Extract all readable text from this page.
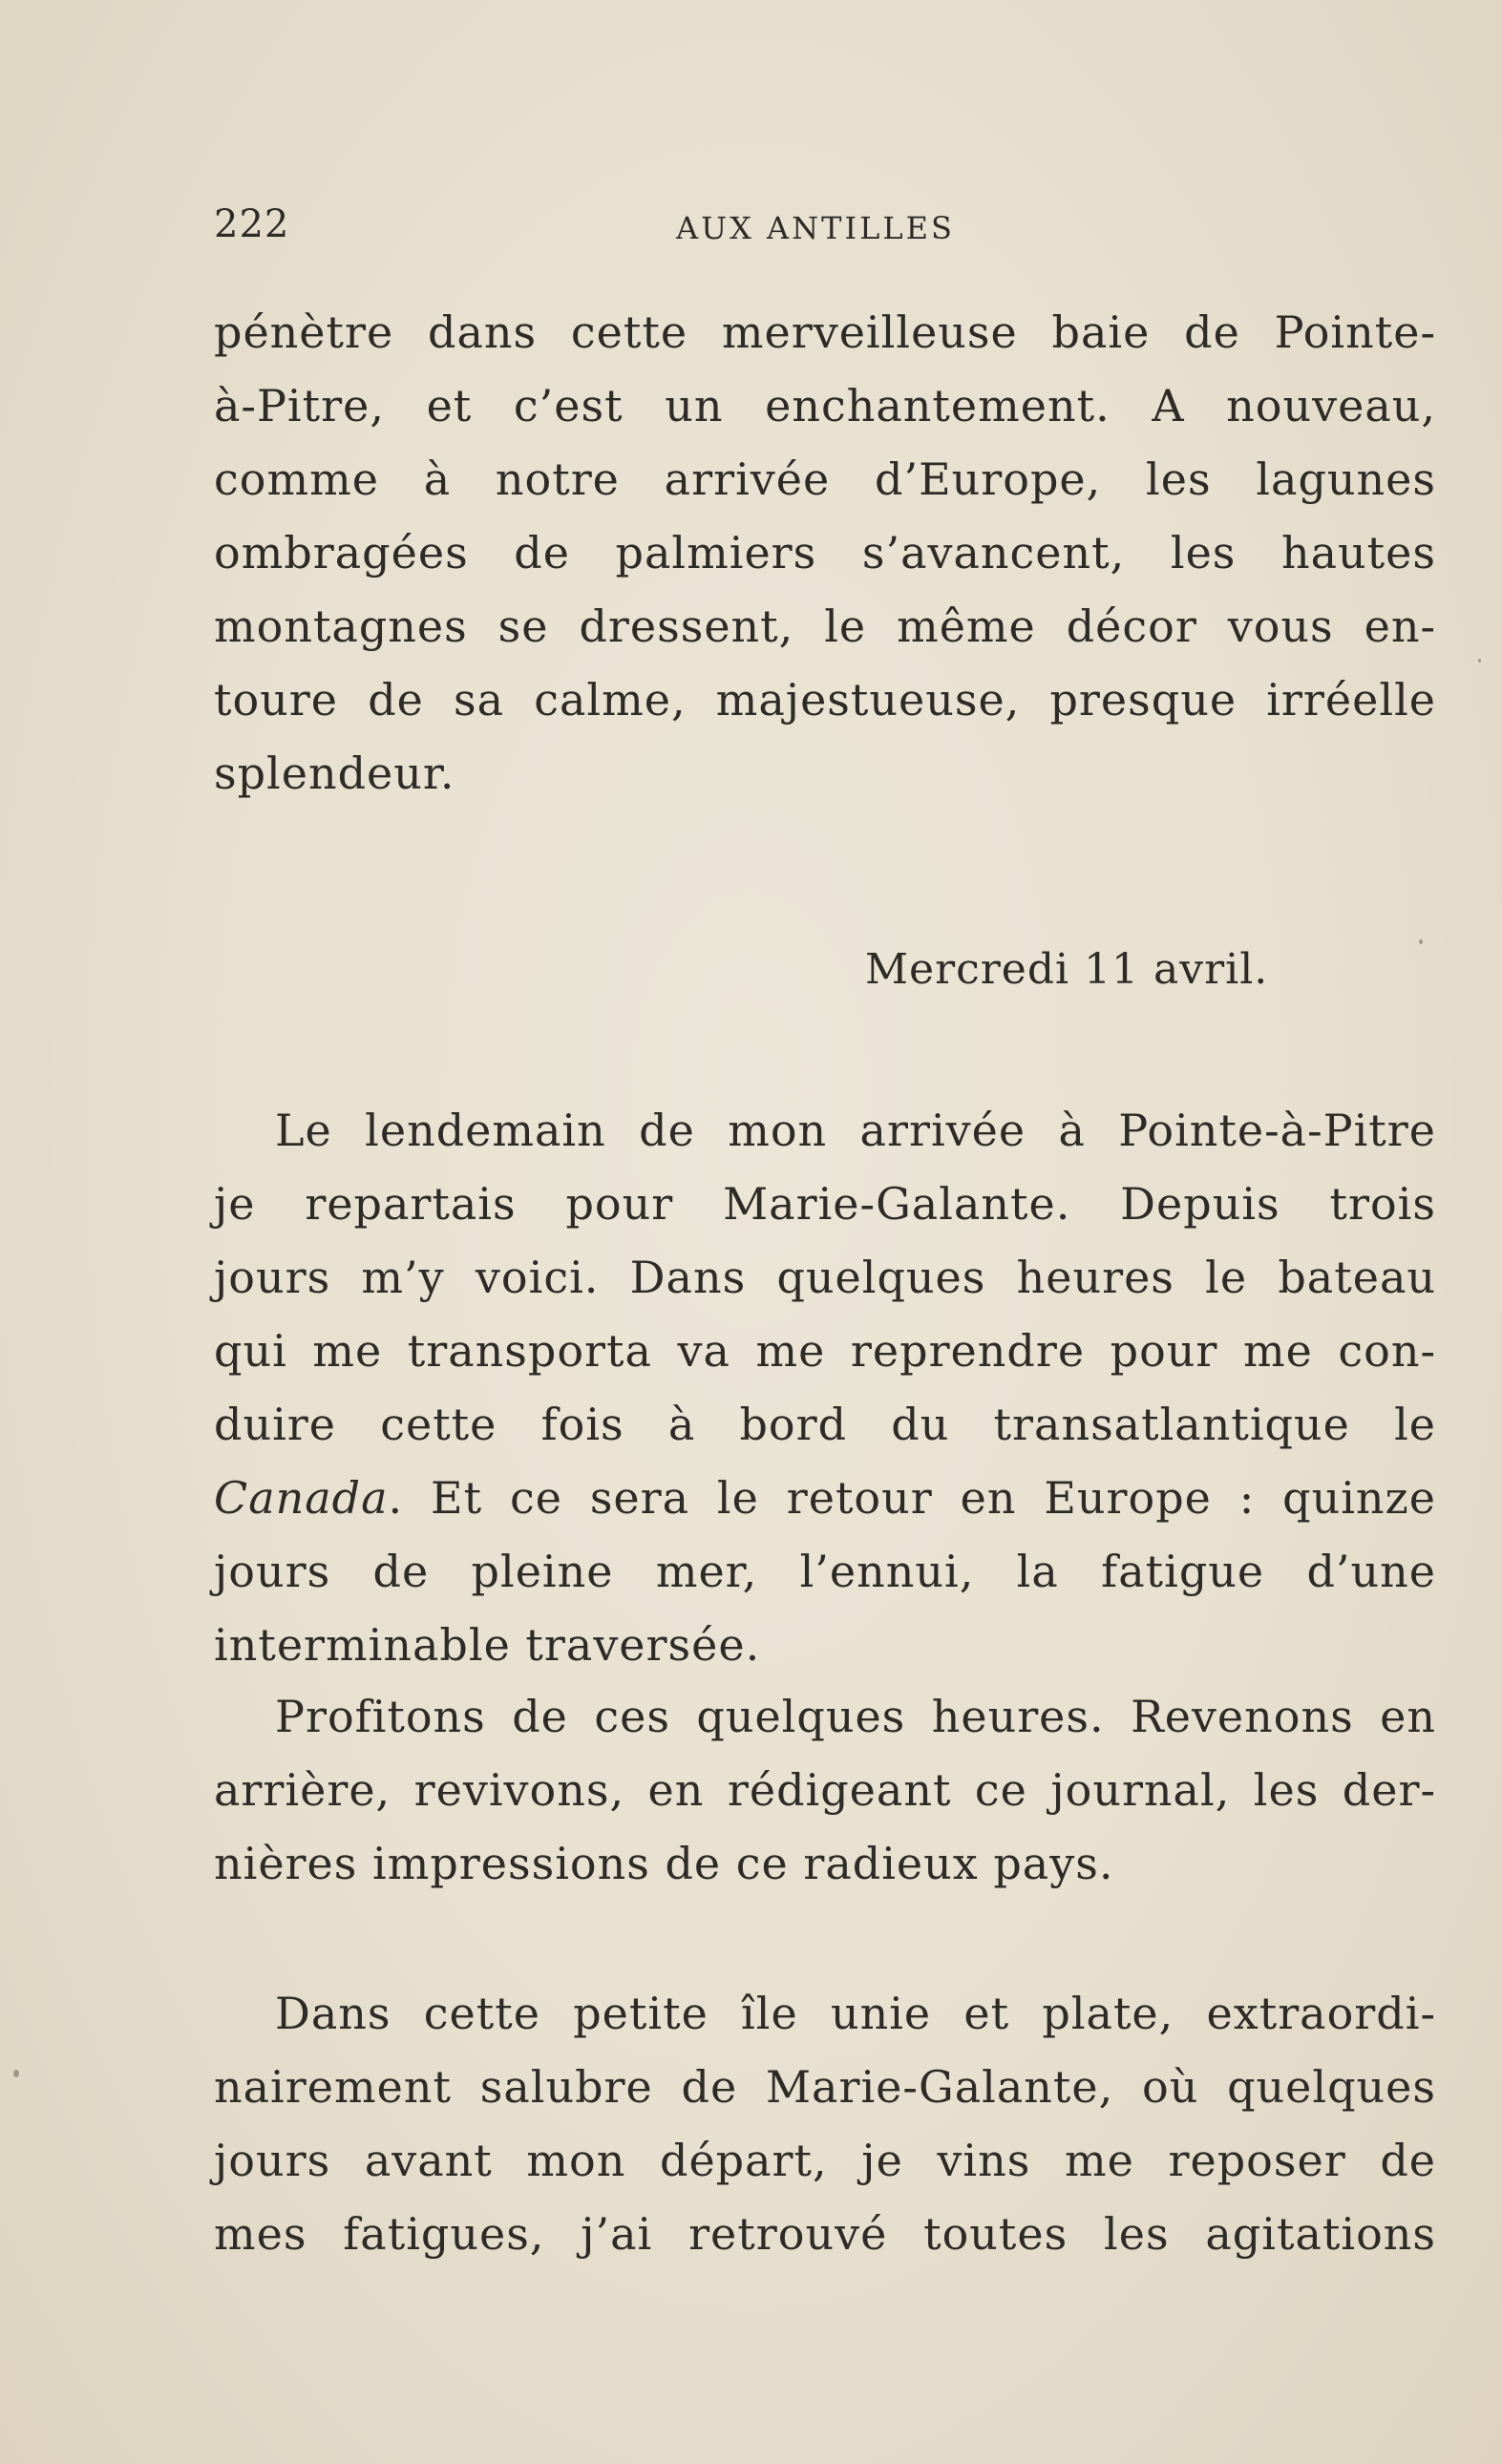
222	AUX ANTILLES
pénètre dans cette merveilleuse baie de Pointe-
à-Pitre, et c’est un enchantement. A nouveau,
comme à notre arrivée d’Europe, les lagunes
ombragées de palmiers s’avancent, les hautes
montagnes se dressent, le même décor vous en-
toure de sa calme, majestueuse, presque irréelle
splendeur.
Le lendemain de mon arrivée à Pointe-à-Pitre
je repartais pour Marie-Galante. Depuis trois
jours m’y voici. Dans quelques heures le bateau
qui me transporta va me reprendre pour me con-
duire cette fois à bord du transatlantique le
Canada. Et ce sera le retour en Europe : quinze
jours de pleine mer, l’ennui, la fatigue d’une
interminable traversée.
Profitons de ces quelques heures. Revenons en
arrière, revivons, en rédigeant ce journal, les der-
nières impressions de ce radieux pays.
Dans cette petite île unie et plate, extraordi-
nairement salubre de Marie-Galante, où quelques
jours avant mon départ, je vins me reposer de
mes fatigues, j’ai retrouvé toutes les agitations
Mercredi 11 avril.
